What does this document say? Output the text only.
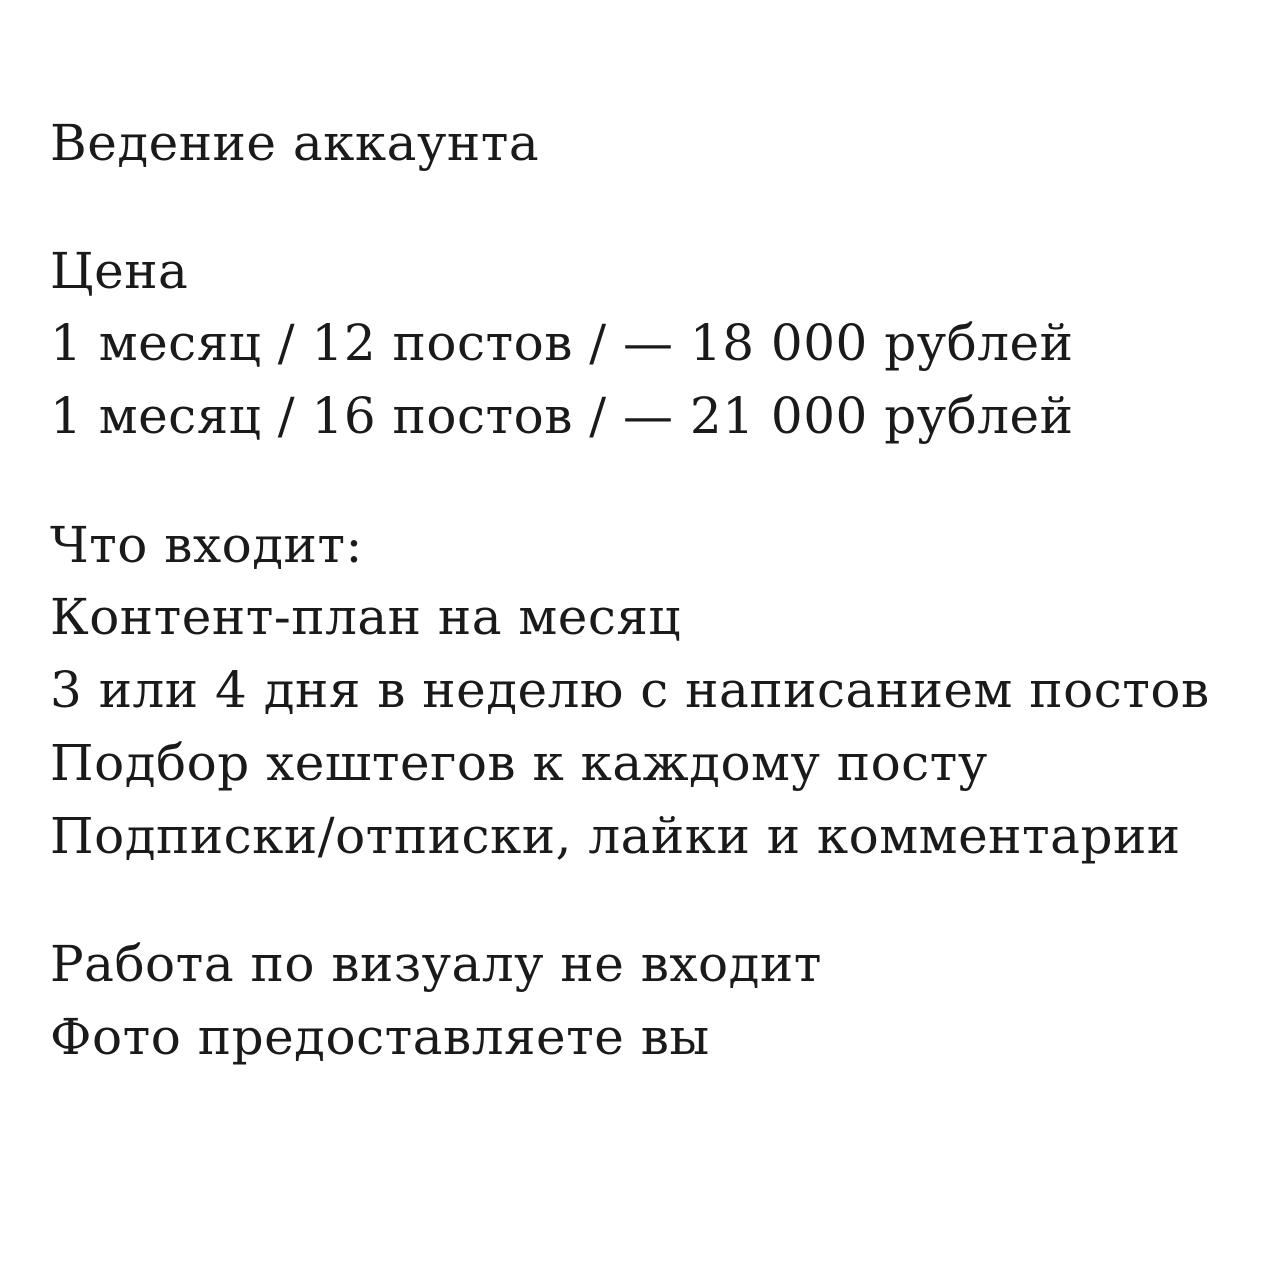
Ведение аккаунта
Цена
1 месяц / 12 постов / — 18 000 рублей
1 месяц / 16 постов / — 21 000 рублей
Что входит:
Контент-план на месяц
3 или 4 дня в неделю с написанием постов
Подбор хештегов к каждому посту
Подписки/отписки, лайки и комментарии
Работа по визуалу не входит
Фото предоставляете вы
